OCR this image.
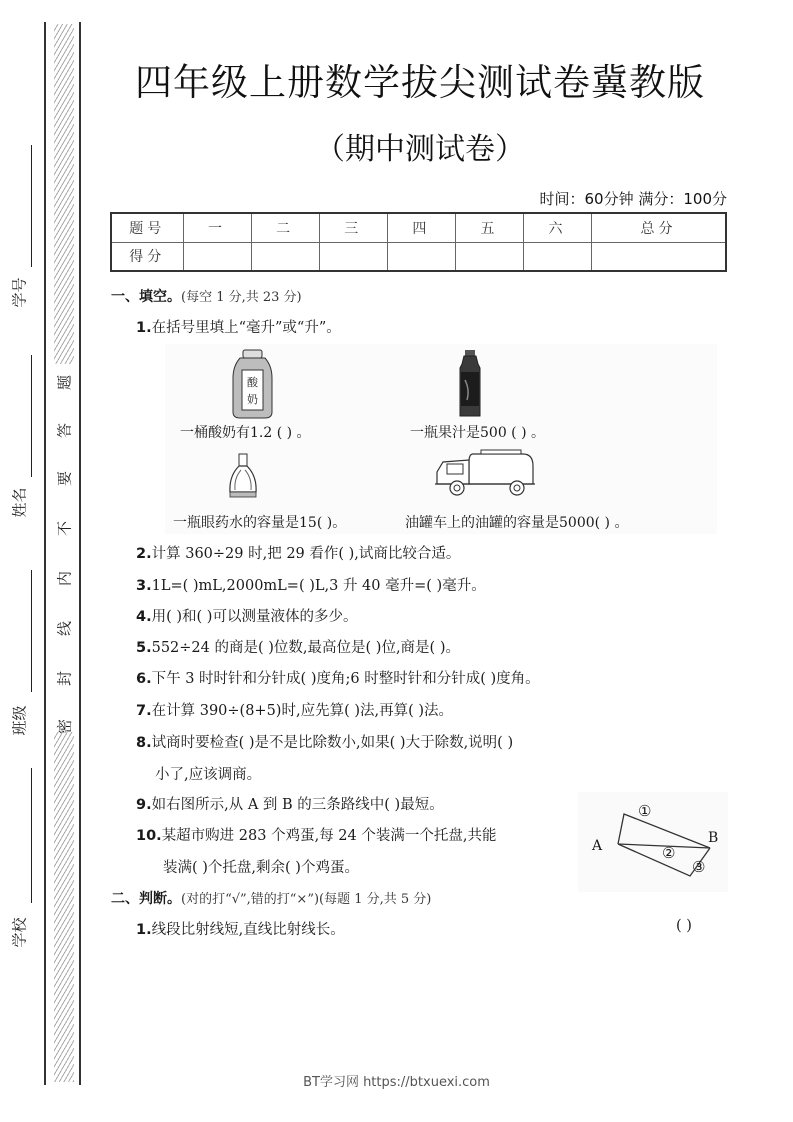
题
答
要
不
内
线
封
密
学号
姓名
班级
学校
四年级上册数学拔尖测试卷冀教版
（期中测试卷）
时间：60分钟 满分：100分
题号	一	二	三	四	五	六	总分
得分							
一、填空。(每空 1 分,共 23 分)
1.在括号里填上“毫升”或“升”。
酸
奶
一桶酸奶有1.2 ( ) 。	一瓶果汁是500 ( ) 。
一瓶眼药水的容量是15( )。	油罐车上的油罐的容量是5000( ) 。
2.计算 360÷29 时,把 29 看作( ),试商比较合适。
3.1L=( )mL,2000mL=( )L,3 升 40 毫升=( )毫升。
4.用( )和( )可以测量液体的多少。
5.552÷24 的商是( )位数,最高位是( )位,商是( )。
6.下午 3 时时针和分针成( )度角;6 时整时针和分针成( )度角。
7.在计算 390÷(8+5)时,应先算( )法,再算( )法。
8.试商时要检查( )是不是比除数小,如果( )大于除数,说明( )
小了,应该调商。
9.如右图所示,从 A 到 B 的三条路线中( )最短。
10.某超市购进 283 个鸡蛋,每 24 个装满一个托盘,共能
装满( )个托盘,剩余( )个鸡蛋。
A	B
①
②
③
二、判断。(对的打“√”,错的打“×”)(每题 1 分,共 5 分)
1.线段比射线短,直线比射线长。	( )
BT学习网 https://btxuexi.com
